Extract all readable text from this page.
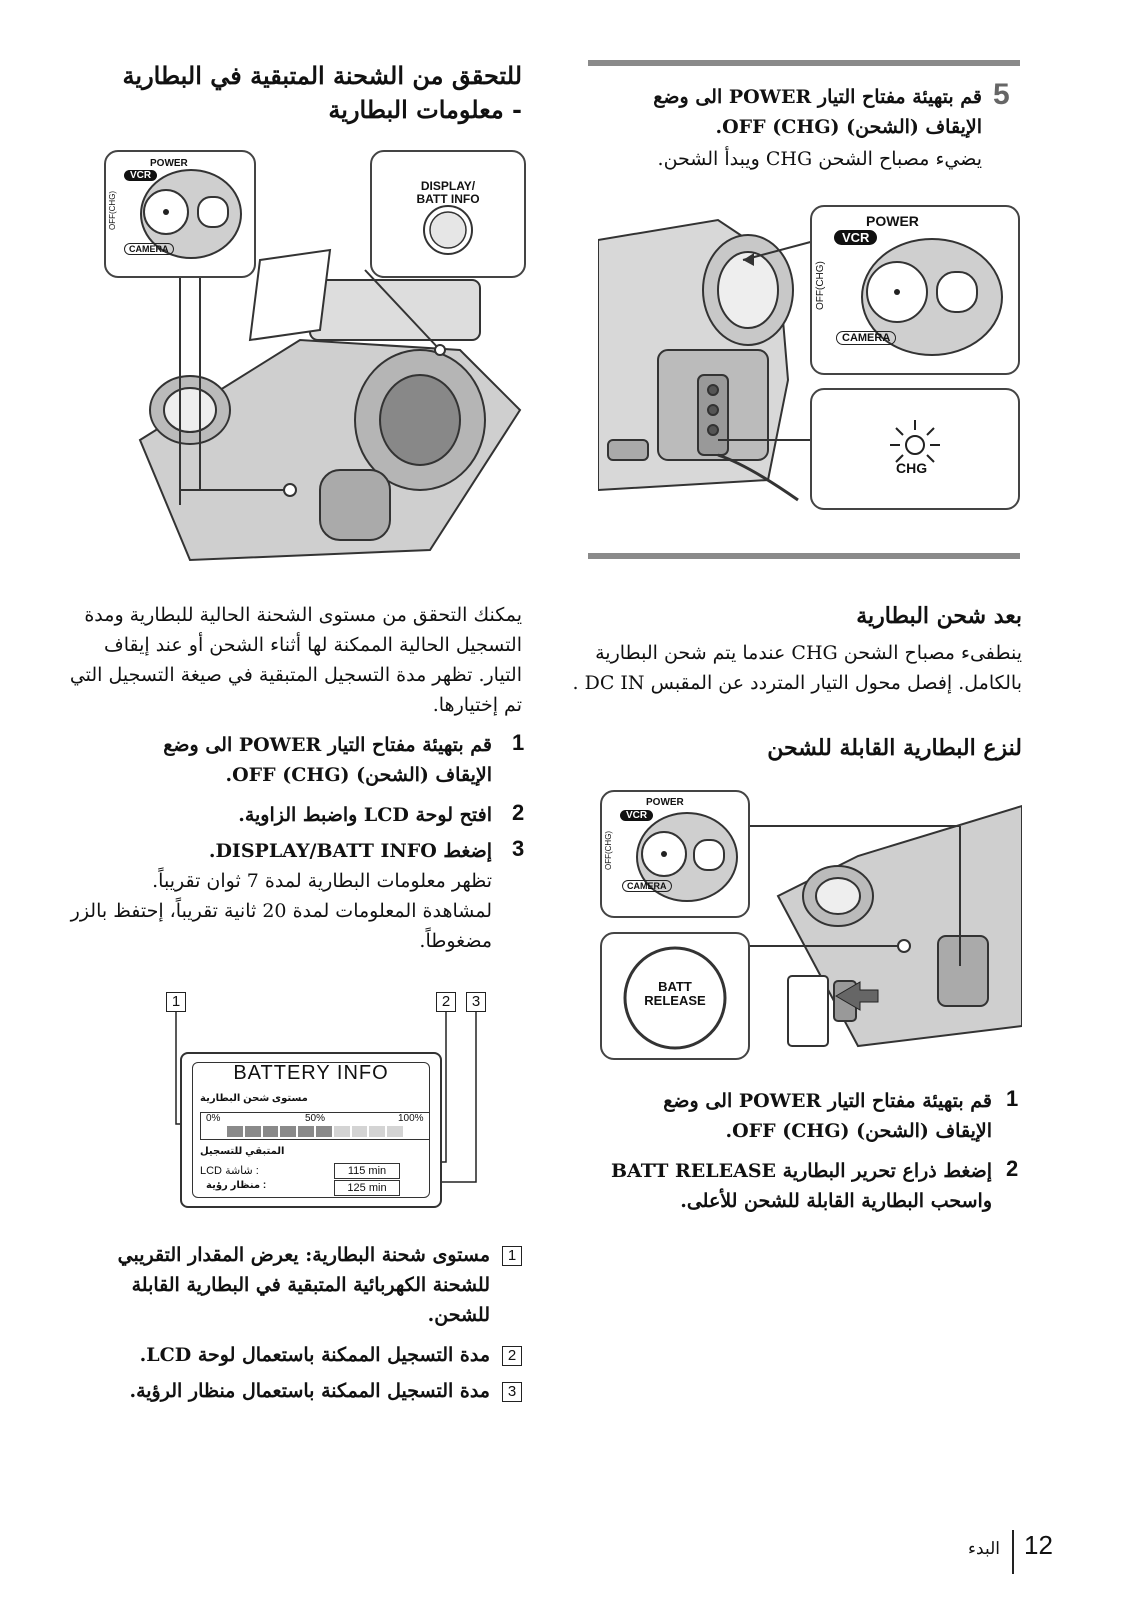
5
قم بتهيئة مفتاح التيار POWER الى وضع
الإيقاف (الشحن) (OFF (CHG.
يضيء مصباح الشحن CHG ويبدأ الشحن.
POWER
VCR
OFF(CHG)
CAMERA
CHG
بعد شحن البطارية
ينطفىء مصباح الشحن CHG عندما يتم شحن البطارية
بالكامل. إفصل محول التيار المتردد عن المقبس DC IN .
لنزع البطارية القابلة للشحن
POWER
VCR
OFF(CHG)
CAMERA
BATT
RELEASE
1
قم بتهيئة مفتاح التيار POWER الى وضع
الإيقاف (الشحن) (OFF (CHG.
2
إضغط ذراع تحرير البطارية BATT RELEASE
واسحب البطارية القابلة للشحن للأعلى.
للتحقق من الشحنة المتبقية في البطارية
- معلومات البطارية
POWER
VCR
OFF(CHG)
CAMERA
DISPLAY/
BATT INFO
يمكنك التحقق من مستوى الشحنة الحالية للبطارية ومدة
التسجيل الحالية الممكنة لها أثناء الشحن أو عند إيقاف
التيار. تظهر مدة التسجيل المتبقية في صيغة التسجيل التي
تم إختيارها.
1
قم بتهيئة مفتاح التيار POWER الى وضع
الإيقاف (الشحن) (OFF (CHG.
2
افتح لوحة LCD واضبط الزاوية.
3
إضغط DISPLAY/BATT INFO.
تظهر معلومات البطارية لمدة 7 ثوان تقريباً.
لمشاهدة المعلومات لمدة 20 ثانية تقريباً، إحتفظ بالزر
مضغوطاً.
1	2	3
BATTERY INFO
مستوى شحن البطارية
0%	50%	100%
المتبقي للتسجيل
LCD شاشة :
منظار رؤية :
115 min
125 min
1
مستوى شحنة البطارية: يعرض المقدار التقريبي
للشحنة الكهربائية المتبقية في البطارية القابلة
للشحن.
2
مدة التسجيل الممكنة باستعمال لوحة LCD.
3
مدة التسجيل الممكنة باستعمال منظار الرؤية.
البدء 12
